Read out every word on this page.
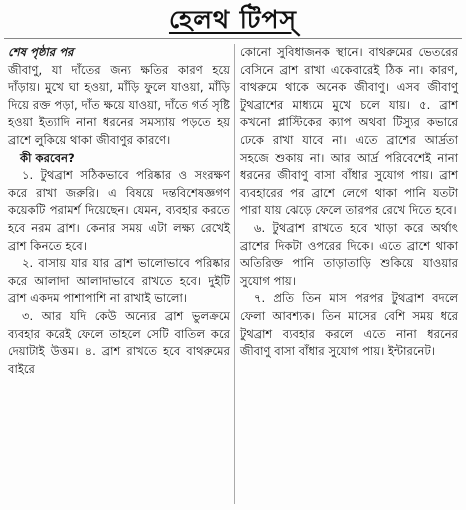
হেলথ টিপস্

শেষ পৃষ্ঠার পর

জীবাণু, যা দাঁতের জন্য ক্ষতির কারণ হয়ে দাঁড়ায়। মুখে ঘা হওয়া, মাঁড়ি ফুলে যাওয়া, মাঁড়ি দিয়ে রক্ত পড়া, দাঁত ক্ষয়ে যাওয়া, দাঁতে গর্ত সৃষ্টি হওয়া ইত্যাদি নানা ধরনের সমস্যায় পড়তে হয় ব্রাশে লুকিয়ে থাকা জীবাণুর কারণে।

কী করবেন?

১. টুথব্রাশ সঠিকভাবে পরিষ্কার ও সংরক্ষণ করে রাখা জরুরি। এ বিষয়ে দন্তবিশেষজ্ঞগণ কয়েকটি পরামর্শ দিয়েছেন। যেমন, ব্যবহার করতে হবে নরম ব্রাশ। কেনার সময় এটা লক্ষ্য রেখেই ব্রাশ কিনতে হবে।

২. বাসায় যার যার ব্রাশ ভালোভাবে পরিষ্কার করে আলাদা আলাদাভাবে রাখতে হবে। দুইটি ব্রাশ একদম পাশাপাশি না রাখাই ভালো।

৩. আর যদি কেউ অন্যের ব্রাশ ভুলক্রমে ব্যবহার করেই ফেলে তাহলে সেটি বাতিল করে দেয়াটাই উত্তম। ৪. ব্রাশ রাখতে হবে বাথরুমের বাইরে

কোনো সুবিধাজনক স্থানে। বাথরুমের ভেতরের বেসিনে ব্রাশ রাখা একেবারেই ঠিক না। কারণ, বাথরুমে থাকে অনেক জীবাণু। এসব জীবাণু টুথব্রাশের মাধ্যমে মুখে চলে যায়। ৫. ব্রাশ কখনো প্লাস্টিকের ক্যাপ অথবা টিস্যুর কভারে ঢেকে রাখা যাবে না। এতে ব্রাশের আর্দ্রতা সহজে শুকায় না। আর আর্দ্র পরিবেশেই নানা ধরনের জীবাণু বাসা বাঁধার সুযোগ পায়। ব্রাশ ব্যবহারের পর ব্রাশে লেগে থাকা পানি যতটা পারা যায় ঝেড়ে ফেলে তারপর রেখে দিতে হবে।

৬. টুথব্রাশ রাখতে হবে খাড়া করে অর্থাৎ ব্রাশের দিকটা ওপরের দিকে। এতে ব্রাশে থাকা অতিরিক্ত পানি তাড়াতাড়ি শুকিয়ে যাওয়ার সুযোগ পায়।

৭. প্রতি তিন মাস পরপর টুথব্রাশ বদলে ফেলা আবশ্যক। তিন মাসের বেশি সময় ধরে টুথব্রাশ ব্যবহার করলে এতে নানা ধরনের জীবাণু বাসা বাঁধার সুযোগ পায়। ইন্টারনেট।
